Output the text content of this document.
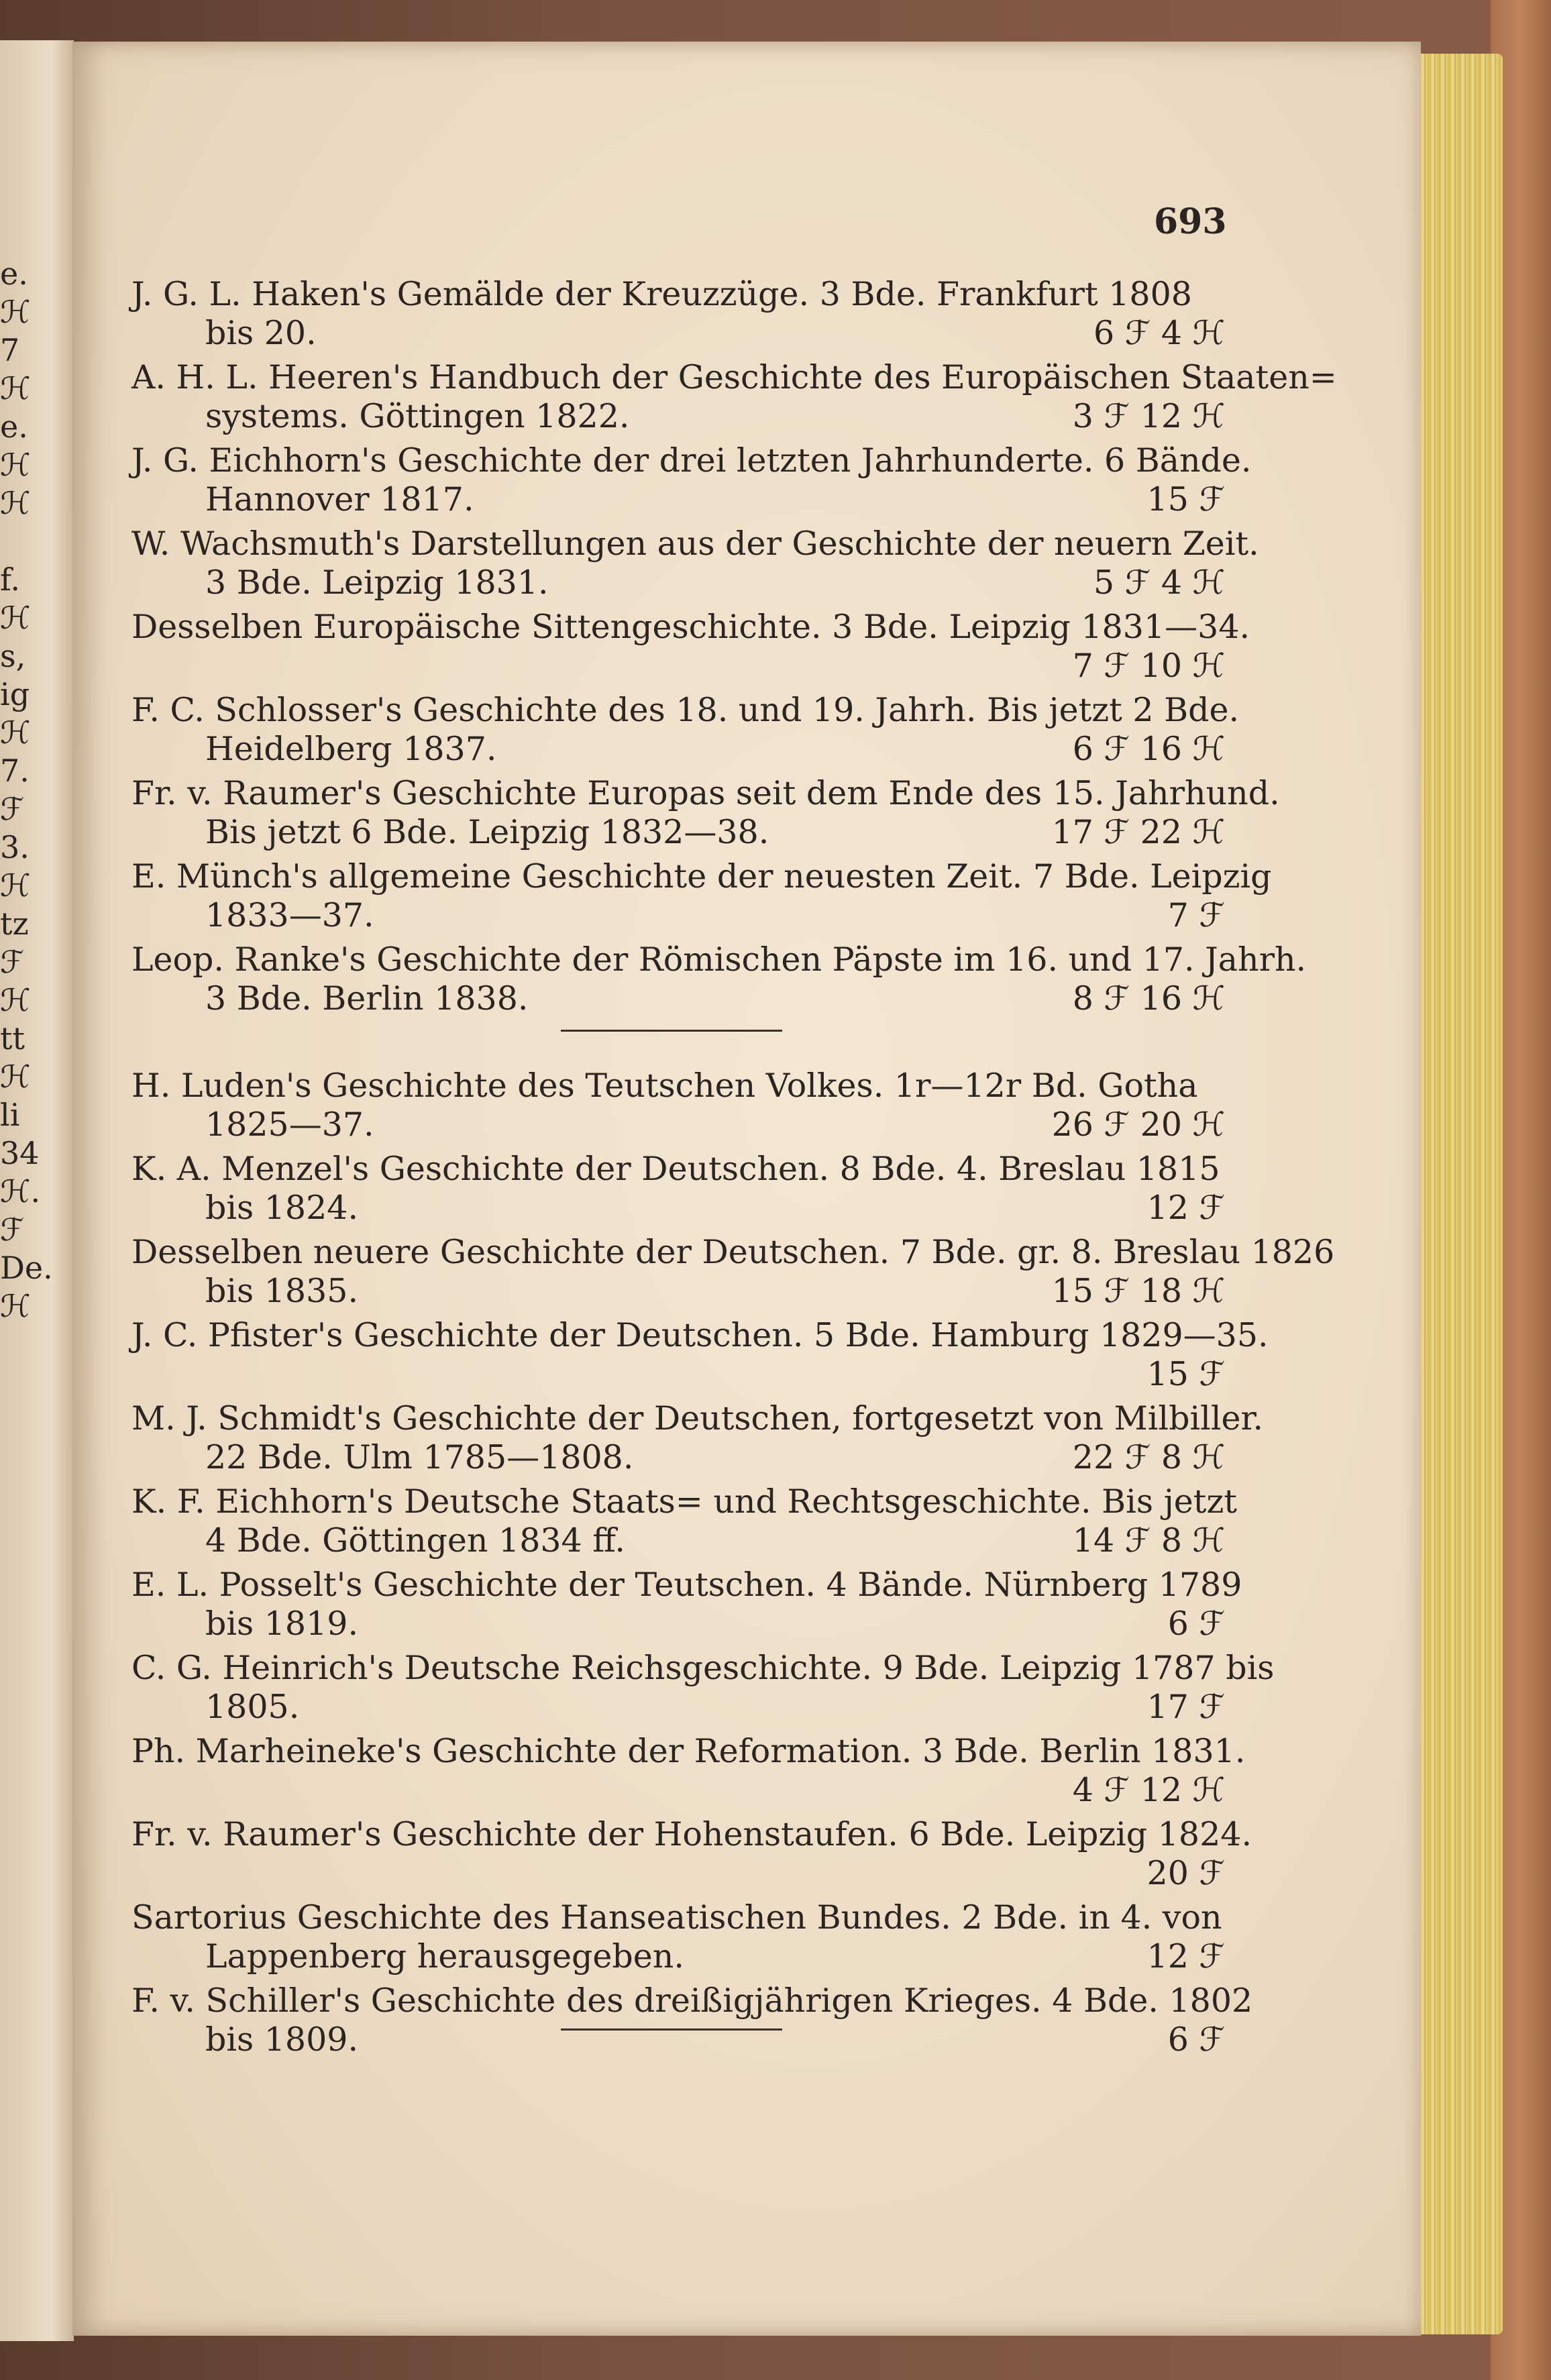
e.
ℋ
7
ℋ
e.
ℋ
ℋ
f.
ℋ
s,
ig
ℋ
7.
ℱ
3.
ℋ
tz
ℱ
ℋ
tt
ℋ
li
34
ℋ.
ℱ
De.
ℋ
693
J. G. L. Haken's Gemälde der Kreuzzüge. 3 Bde. Frankfurt 1808
bis 20.	6 ℱ 4 ℋ
A. H. L. Heeren's Handbuch der Geschichte des Europäischen Staaten=
systems. Göttingen 1822.	3 ℱ 12 ℋ
J. G. Eichhorn's Geschichte der drei letzten Jahrhunderte. 6 Bände.
Hannover 1817.	15 ℱ
W. Wachsmuth's Darstellungen aus der Geschichte der neuern Zeit.
3 Bde. Leipzig 1831.	5 ℱ 4 ℋ
Desselben Europäische Sittengeschichte. 3 Bde. Leipzig 1831—34.
7 ℱ 10 ℋ
F. C. Schlosser's Geschichte des 18. und 19. Jahrh. Bis jetzt 2 Bde.
Heidelberg 1837.	6 ℱ 16 ℋ
Fr. v. Raumer's Geschichte Europas seit dem Ende des 15. Jahrhund.
Bis jetzt 6 Bde. Leipzig 1832—38.	17 ℱ 22 ℋ
E. Münch's allgemeine Geschichte der neuesten Zeit. 7 Bde. Leipzig
1833—37.	7 ℱ
Leop. Ranke's Geschichte der Römischen Päpste im 16. und 17. Jahrh.
3 Bde. Berlin 1838.	8 ℱ 16 ℋ
H. Luden's Geschichte des Teutschen Volkes. 1r—12r Bd. Gotha
1825—37.	26 ℱ 20 ℋ
K. A. Menzel's Geschichte der Deutschen. 8 Bde. 4. Breslau 1815
bis 1824.	12 ℱ
Desselben neuere Geschichte der Deutschen. 7 Bde. gr. 8. Breslau 1826
bis 1835.	15 ℱ 18 ℋ
J. C. Pfister's Geschichte der Deutschen. 5 Bde. Hamburg 1829—35.
15 ℱ
M. J. Schmidt's Geschichte der Deutschen, fortgesetzt von Milbiller.
22 Bde. Ulm 1785—1808.	22 ℱ 8 ℋ
K. F. Eichhorn's Deutsche Staats= und Rechtsgeschichte. Bis jetzt
4 Bde. Göttingen 1834 ff.	14 ℱ 8 ℋ
E. L. Posselt's Geschichte der Teutschen. 4 Bände. Nürnberg 1789
bis 1819.	6 ℱ
C. G. Heinrich's Deutsche Reichsgeschichte. 9 Bde. Leipzig 1787 bis
1805.	17 ℱ
Ph. Marheineke's Geschichte der Reformation. 3 Bde. Berlin 1831.
4 ℱ 12 ℋ
Fr. v. Raumer's Geschichte der Hohenstaufen. 6 Bde. Leipzig 1824.
20 ℱ
Sartorius Geschichte des Hanseatischen Bundes. 2 Bde. in 4. von
Lappenberg herausgegeben.	12 ℱ
F. v. Schiller's Geschichte des dreißigjährigen Krieges. 4 Bde. 1802
bis 1809.	6 ℱ
